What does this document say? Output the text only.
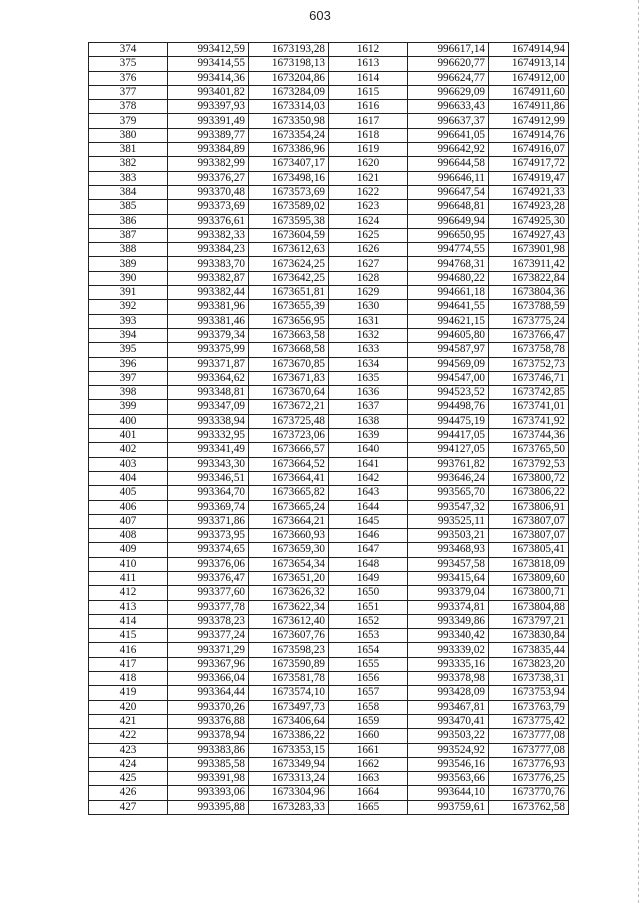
603
374	993412,59	1673193,28	1612	996617,14	1674914,94
375	993414,55	1673198,13	1613	996620,77	1674913,14
376	993414,36	1673204,86	1614	996624,77	1674912,00
377	993401,82	1673284,09	1615	996629,09	1674911,60
378	993397,93	1673314,03	1616	996633,43	1674911,86
379	993391,49	1673350,98	1617	996637,37	1674912,99
380	993389,77	1673354,24	1618	996641,05	1674914,76
381	993384,89	1673386,96	1619	996642,92	1674916,07
382	993382,99	1673407,17	1620	996644,58	1674917,72
383	993376,27	1673498,16	1621	996646,11	1674919,47
384	993370,48	1673573,69	1622	996647,54	1674921,33
385	993373,69	1673589,02	1623	996648,81	1674923,28
386	993376,61	1673595,38	1624	996649,94	1674925,30
387	993382,33	1673604,59	1625	996650,95	1674927,43
388	993384,23	1673612,63	1626	994774,55	1673901,98
389	993383,70	1673624,25	1627	994768,31	1673911,42
390	993382,87	1673642,25	1628	994680,22	1673822,84
391	993382,44	1673651,81	1629	994661,18	1673804,36
392	993381,96	1673655,39	1630	994641,55	1673788,59
393	993381,46	1673656,95	1631	994621,15	1673775,24
394	993379,34	1673663,58	1632	994605,80	1673766,47
395	993375,99	1673668,58	1633	994587,97	1673758,78
396	993371,87	1673670,85	1634	994569,09	1673752,73
397	993364,62	1673671,83	1635	994547,00	1673746,71
398	993348,81	1673670,64	1636	994523,52	1673742,85
399	993347,09	1673672,21	1637	994498,76	1673741,01
400	993338,94	1673725,48	1638	994475,19	1673741,92
401	993332,95	1673723,06	1639	994417,05	1673744,36
402	993341,49	1673666,57	1640	994127,05	1673765,50
403	993343,30	1673664,52	1641	993761,82	1673792,53
404	993346,51	1673664,41	1642	993646,24	1673800,72
405	993364,70	1673665,82	1643	993565,70	1673806,22
406	993369,74	1673665,24	1644	993547,32	1673806,91
407	993371,86	1673664,21	1645	993525,11	1673807,07
408	993373,95	1673660,93	1646	993503,21	1673807,07
409	993374,65	1673659,30	1647	993468,93	1673805,41
410	993376,06	1673654,34	1648	993457,58	1673818,09
411	993376,47	1673651,20	1649	993415,64	1673809,60
412	993377,60	1673626,32	1650	993379,04	1673800,71
413	993377,78	1673622,34	1651	993374,81	1673804,88
414	993378,23	1673612,40	1652	993349,86	1673797,21
415	993377,24	1673607,76	1653	993340,42	1673830,84
416	993371,29	1673598,23	1654	993339,02	1673835,44
417	993367,96	1673590,89	1655	993335,16	1673823,20
418	993366,04	1673581,78	1656	993378,98	1673738,31
419	993364,44	1673574,10	1657	993428,09	1673753,94
420	993370,26	1673497,73	1658	993467,81	1673763,79
421	993376,88	1673406,64	1659	993470,41	1673775,42
422	993378,94	1673386,22	1660	993503,22	1673777,08
423	993383,86	1673353,15	1661	993524,92	1673777,08
424	993385,58	1673349,94	1662	993546,16	1673776,93
425	993391,98	1673313,24	1663	993563,66	1673776,25
426	993393,06	1673304,96	1664	993644,10	1673770,76
427	993395,88	1673283,33	1665	993759,61	1673762,58
